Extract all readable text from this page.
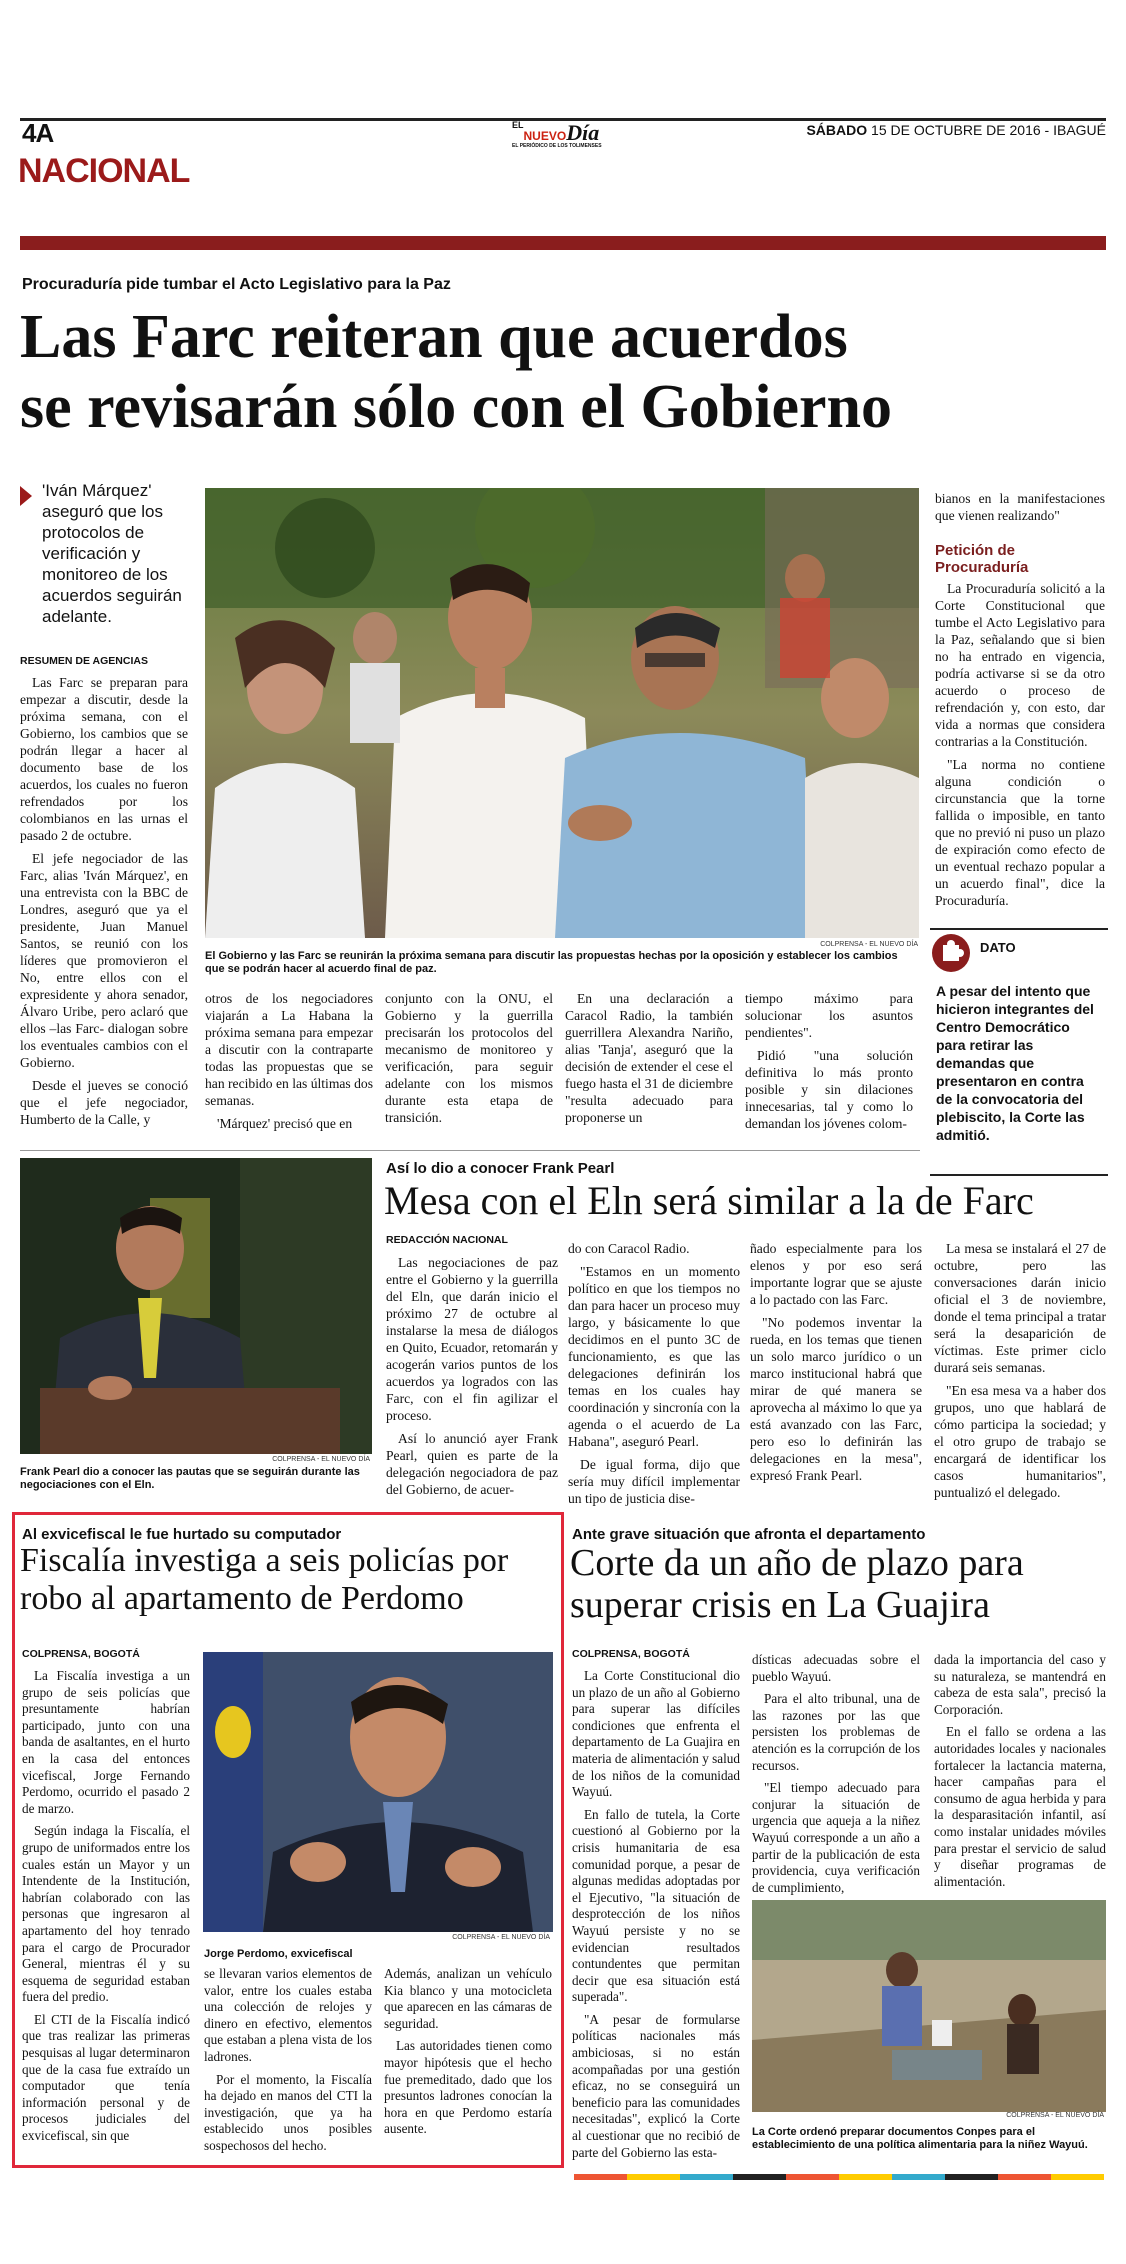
4A	$^{EL}$NUEVODía
EL PERIÓDICO DE LOS TOLIMENSES
SÁBADO 15 DE OCTUBRE DE 2016 - IBAGUÉ
NACIONAL
Procuraduría pide tumbar el Acto Legislativo para la Paz
Las Farc reiteran que acuerdos
se revisarán sólo con el Gobierno
'Iván Márquez' aseguró que los protocolos de verificación y monitoreo de los acuerdos seguirán adelante.
RESUMEN DE AGENCIAS

Las Farc se preparan para empezar a discutir, desde la próxima semana, con el Gobierno, los cambios que se podrán llegar a hacer al documento base de los acuerdos, los cuales no fueron refrendados por los colombianos en las urnas el pasado 2 de octubre.

El jefe negociador de las Farc, alias 'Iván Márquez', en una entrevista con la BBC de Londres, aseguró que ya el presidente, Juan Manuel Santos, se reunió con los líderes que promovieron el No, entre ellos con el expresidente y ahora senador, Álvaro Uribe, pero aclaró que ellos –las Farc- dialogan sobre los eventuales cambios con el Gobierno.

Desde el jueves se conoció que el jefe negociador, Humberto de la Calle, y

COLPRENSA - EL NUEVO DÍA
El Gobierno y las Farc se reunirán la próxima semana para discutir las propuestas hechas por la oposición y establecer los cambios que se podrán hacer al acuerdo final de paz.

otros de los negociadores viajarán a La Habana la próxima semana para empezar a discutir con la contraparte todas las propuestas que se han recibido en las últimas dos semanas.

'Márquez' precisó que en

conjunto con la ONU, el Gobierno y la guerrilla precisarán los protocolos del mecanismo de monitoreo y verificación, para seguir adelante con los mismos durante esta etapa de transición.

En una declaración a Caracol Radio, la también guerrillera Alexandra Nariño, alias 'Tanja', aseguró que la decisión de extender el cese el fuego hasta el 31 de diciembre "resulta adecuado para proponerse un

tiempo máximo para solucionar los asuntos pendientes".

Pidió "una solución definitiva lo más pronto posible y sin dilaciones innecesarias, tal y como lo demandan los jóvenes colom-

bianos en la manifestaciones que vienen realizando"

Petición de Procuraduría

La Procuraduría solicitó a la Corte Constitucional que tumbe el Acto Legislativo para la Paz, señalando que si bien no ha entrado en vigencia, podría activarse si se da otro acuerdo o proceso de refrendación y, con esto, dar vida a normas que considera contrarias a la Constitución.

"La norma no contiene alguna condición o circunstancia que la torne fallida o imposible, en tanto que no previó ni puso un plazo de expiración como efecto de un eventual rechazo popular a un acuerdo final", dice la Procuraduría.

DATO
A pesar del intento que hicieron integrantes del Centro Democrático para retirar las demandas que presentaron en contra de la convocatoria del plebiscito, la Corte las admitió.
COLPRENSA - EL NUEVO DÍA
Frank Pearl dio a conocer las pautas que se seguirán durante las negociaciones con el Eln.
Así lo dio a conocer Frank Pearl
Mesa con el Eln será similar a la de Farc
REDACCIÓN NACIONAL

Las negociaciones de paz entre el Gobierno y la guerrilla del Eln, que darán inicio el próximo 27 de octubre al instalarse la mesa de diálogos en Quito, Ecuador, retomarán y acogerán varios puntos de los acuerdos ya logrados con las Farc, con el fin agilizar el proceso.

Así lo anunció ayer Frank Pearl, quien es parte de la delegación negociadora de paz del Gobierno, de acuer-

do con Caracol Radio.

"Estamos en un momento político en que los tiempos no dan para hacer un proceso muy largo, y básicamente lo que decidimos en el punto 3C de funcionamiento, es que las delegaciones definirán los temas en los cuales hay coordinación y sincronía con la agenda o el acuerdo de La Habana", aseguró Pearl.

De igual forma, dijo que sería muy difícil implementar un tipo de justicia dise-

ñado especialmente para los elenos y por eso será importante lograr que se ajuste a lo pactado con las Farc.

"No podemos inventar la rueda, en los temas que tienen un solo marco jurídico o un marco institucional habrá que mirar de qué manera se aprovecha al máximo lo que ya está avanzado con las Farc, pero eso lo definirán las delegaciones en la mesa", expresó Frank Pearl.

La mesa se instalará el 27 de octubre, pero las conversaciones darán inicio oficial el 3 de noviembre, donde el tema principal a tratar será la desaparición de víctimas. Este primer ciclo durará seis semanas.

"En esa mesa va a haber dos grupos, uno que hablará de cómo participa la sociedad; y el otro grupo de trabajo se encargará de identificar los casos humanitarios", puntualizó el delegado.

Al exvicefiscal le fue hurtado su computador
Fiscalía investiga a seis policías por
robo al apartamento de Perdomo
COLPRENSA, BOGOTÁ

La Fiscalía investiga a un grupo de seis policías que presuntamente habrían participado, junto con una banda de asaltantes, en el hurto en la casa del entonces vicefiscal, Jorge Fernando Perdomo, ocurrido el pasado 2 de marzo.

Según indaga la Fiscalía, el grupo de uniformados entre los cuales están un Mayor y un Intendente de la Institución, habrían colaborado con las personas que ingresaron al apartamento del hoy tenrado para el cargo de Procurador General, mientras él y su esquema de seguridad estaban fuera del predio.

El CTI de la Fiscalía indicó que tras realizar las primeras pesquisas al lugar determinaron que de la casa fue extraído un computador que tenía información personal y de procesos judiciales del exvicefiscal, sin que

COLPRENSA - EL NUEVO DÍA
Jorge Perdomo, exvicefiscal

se llevaran varios elementos de valor, entre los cuales estaba una colección de relojes y dinero en efectivo, elementos que estaban a plena vista de los ladrones.

Por el momento, la Fiscalía ha dejado en manos del CTI la investigación, que ya ha establecido unos posibles sospechosos del hecho.

Además, analizan un vehículo Kia blanco y una motocicleta que aparecen en las cámaras de seguridad.

Las autoridades tienen como mayor hipótesis que el hecho fue premeditado, dado que los presuntos ladrones conocían la hora en que Perdomo estaría ausente.

Ante grave situación que afronta el departamento
Corte da un año de plazo para
superar crisis en La Guajira
COLPRENSA, BOGOTÁ

La Corte Constitucional dio un plazo de un año al Gobierno para superar las difíciles condiciones que enfrenta el departamento de La Guajira en materia de alimentación y salud de los niños de la comunidad Wayuú.

En fallo de tutela, la Corte cuestionó al Gobierno por la crisis humanitaria de esa comunidad porque, a pesar de algunas medidas adoptadas por el Ejecutivo, "la situación de desprotección de los niños Wayuú persiste y no se evidencian resultados contundentes que permitan decir que esa situación está superada".

"A pesar de formularse políticas nacionales más ambiciosas, si no están acompañadas por una gestión eficaz, no se conseguirá un beneficio para las comunidades necesitadas", explicó la Corte al cuestionar que no recibió de parte del Gobierno las esta-

dísticas adecuadas sobre el pueblo Wayuú.

Para el alto tribunal, una de las razones por las que persisten los problemas de atención es la corrupción de los recursos.

"El tiempo adecuado para conjurar la situación de urgencia que aqueja a la niñez Wayuú corresponde a un año a partir de la publicación de esta providencia, cuya verificación de cumplimiento,

dada la importancia del caso y su naturaleza, se mantendrá en cabeza de esta sala", precisó la Corporación.

En el fallo se ordena a las autoridades locales y nacionales fortalecer la lactancia materna, hacer campañas para el consumo de agua herbida y para la desparasitación infantil, así como instalar unidades móviles para prestar el servicio de salud y diseñar programas de alimentación.

COLPRENSA - EL NUEVO DÍA
La Corte ordenó preparar documentos Conpes para el establecimiento de una política alimentaria para la niñez Wayuú.
